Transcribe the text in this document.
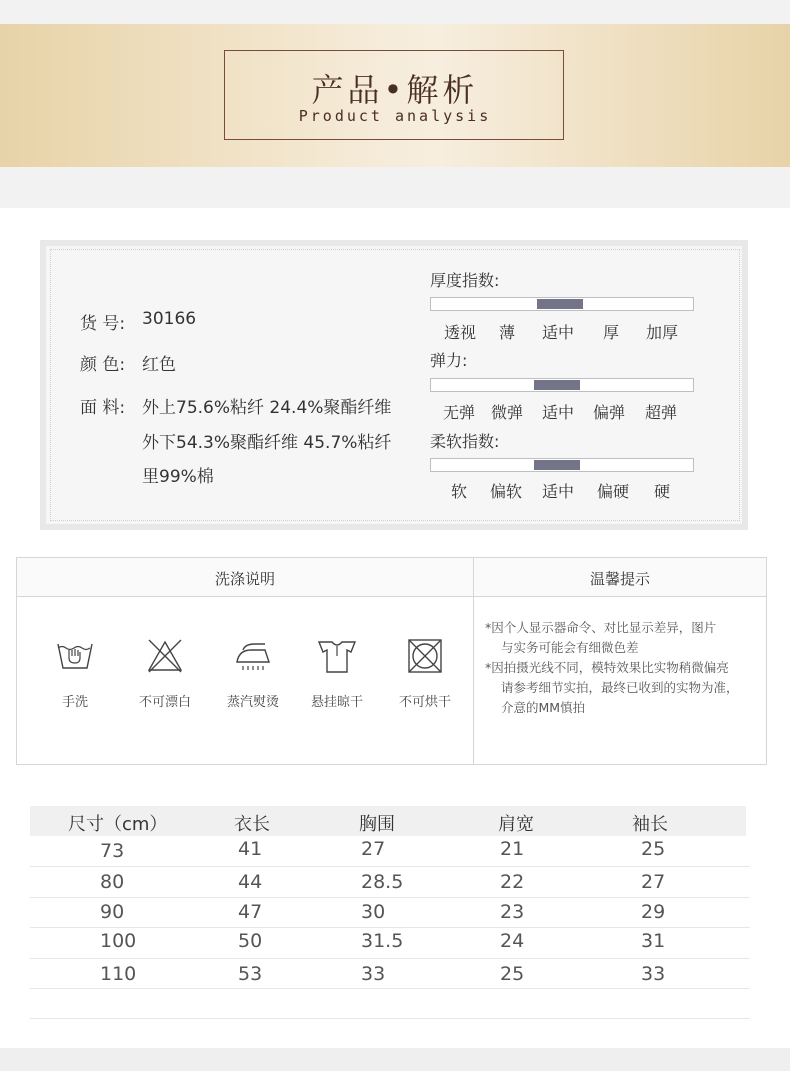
产品•解析
Product analysis
货 号: 30166
颜 色: 红色
面 料: 外上75.6%粘纤 24.4%聚酯纤维
外下54.3%聚酯纤维 45.7%粘纤
里99%棉
厚度指数:
透视 薄 适中 厚 加厚
弹力:
无弹 微弹 适中 偏弹 超弹
柔软指数:
软 偏软 适中 偏硬 硬
洗涤说明	温馨提示
手洗	不可漂白	蒸汽熨烫	悬挂晾干	不可烘干
*因个人显示器命令、对比显示差异，图片
与实务可能会有细微色差
*因拍摄光线不同，模特效果比实物稍微偏亮
请参考细节实拍，最终已收到的实物为准，
介意的MM慎拍
尺寸（cm）	衣长	胸围	肩宽	袖长
73	41	27	21	25
80	44	28.5	22	27
90	47	30	23	29
100	50	31.5	24	31
110	53	33	25	33
